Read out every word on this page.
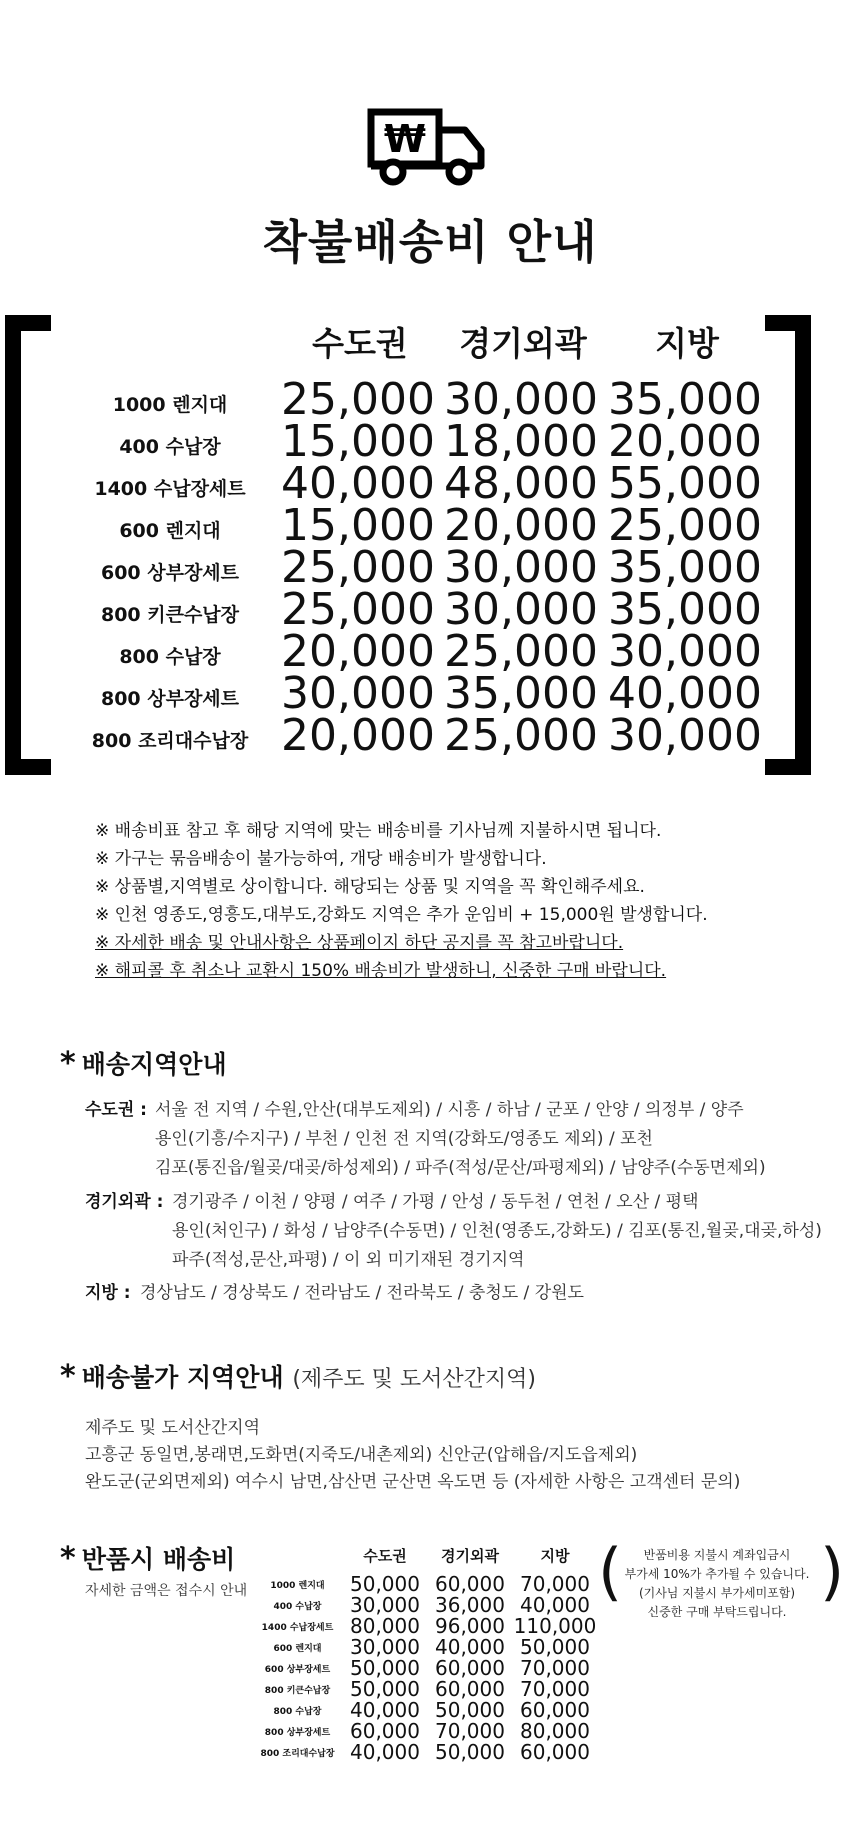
₩
착불배송비 안내
수도권	경기외곽	지방
1000 렌지대	25,000 30,000 35,000
400 수납장	15,000 18,000 20,000
1400 수납장세트 40,000 48,000 55,000
600 렌지대	15,000 20,000 25,000
600 상부장세트 25,000 30,000 35,000
800 키큰수납장 25,000 30,000 35,000
800 수납장	20,000 25,000 30,000
800 상부장세트 30,000 35,000 40,000
800 조리대수납장 20,000 25,000 30,000
※ 배송비표 참고 후 해당 지역에 맞는 배송비를 기사님께 지불하시면 됩니다.
※ 가구는 묶음배송이 불가능하여, 개당 배송비가 발생합니다.
※ 상품별,지역별로 상이합니다. 해당되는 상품 및 지역을 꼭 확인해주세요.
※ 인천 영종도,영흥도,대부도,강화도 지역은 추가 운임비 + 15,000원 발생합니다.
※ 자세한 배송 및 안내사항은 상품페이지 하단 공지를 꼭 참고바랍니다.
※ 해피콜 후 취소나 교환시 150% 배송비가 발생하니, 신중한 구매 바랍니다.
* 배송지역안내
수도권 : 서울 전 지역 / 수원,안산(대부도제외) / 시흥 / 하남 / 군포 / 안양 / 의정부 / 양주
용인(기흥/수지구) / 부천 / 인천 전 지역(강화도/영종도 제외) / 포천
김포(통진읍/월곶/대곶/하성제외) / 파주(적성/문산/파평제외) / 남양주(수동면제외)
경기외곽 : 경기광주 / 이천 / 양평 / 여주 / 가평 / 안성 / 동두천 / 연천 / 오산 / 평택
용인(처인구) / 화성 / 남양주(수동면) / 인천(영종도,강화도) / 김포(통진,월곶,대곶,하성)
파주(적성,문산,파평) / 이 외 미기재된 경기지역
지방 : 경상남도 / 경상북도 / 전라남도 / 전라북도 / 충청도 / 강원도
* 배송불가 지역안내 (제주도 및 도서산간지역)
제주도 및 도서산간지역
고흥군 동일면,봉래면,도화면(지죽도/내촌제외) 신안군(압해읍/지도읍제외)
완도군(군외면제외) 여수시 남면,삼산면 군산면 옥도면 등 (자세한 사항은 고객센터 문의)
* 반품시 배송비
자세한 금액은 접수시 안내
수도권	경기외곽	지방
1000 렌지대	50,000 60,000 70,000
400 수납장	30,000 36,000 40,000
1400 수납장세트 80,000 96,000 110,000
600 렌지대	30,000 40,000 50,000
600 상부장세트 50,000 60,000 70,000
800 키큰수납장 50,000 60,000 70,000
800 수납장	40,000 50,000 60,000
800 상부장세트 60,000 70,000 80,000
800 조리대수납장 40,000 50,000 60,000
(	)
반품비용 지불시 계좌입금시
부가세 10%가 추가될 수 있습니다.
(기사님 지불시 부가세미포함)
신중한 구매 부탁드립니다.
